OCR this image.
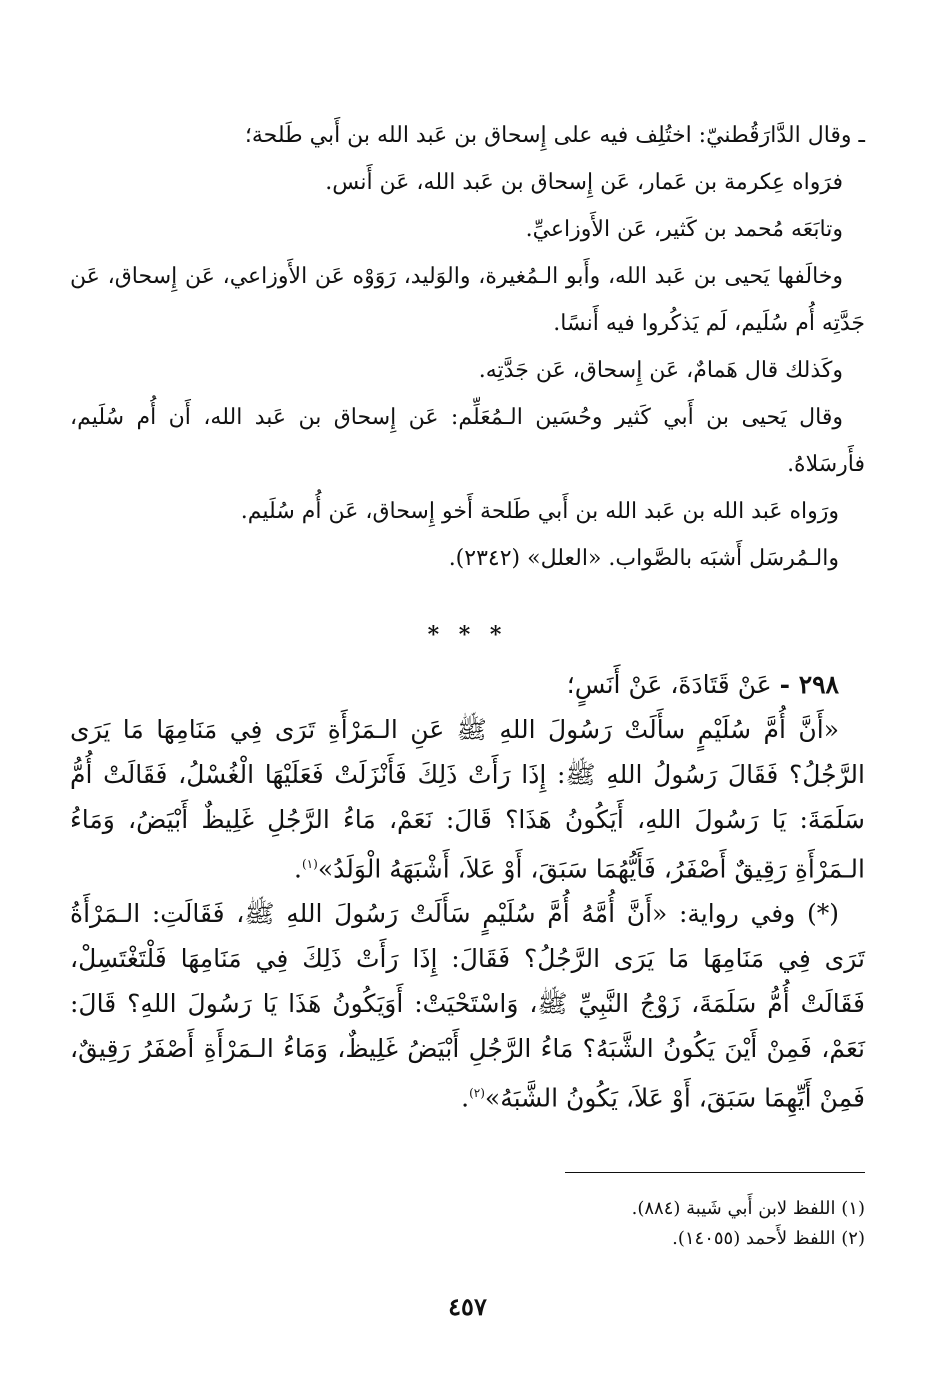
ـ وقال الدَّارَقُطنيّ: اختُلِف فيه على إِسحاق بن عَبد الله بن أَبي طَلحة؛

فرَواه عِكرمة بن عَمار، عَن إِسحاق بن عَبد الله، عَن أَنس.

وتابَعَه مُحمد بن كَثير، عَن الأَوزاعيِّ.

وخالَفها يَحيى بن عَبد الله، وأَبو الـمُغيرة، والوَليد، رَوَوْه عَن الأَوزاعي، عَن إِسحاق، عَن جَدَّتِه أُم سُلَيم، لَم يَذكُروا فيه أَنسًا.

وكَذلك قال هَمامٌ، عَن إِسحاق، عَن جَدَّتِه.

وقال يَحيى بن أَبي كَثير وحُسَين الـمُعَلِّم: عَن إِسحاق بن عَبد الله، أَن أُم سُلَيم، فأَرسَلاهُ.

ورَواه عَبد الله بن عَبد الله بن أَبي طَلحة أَخو إِسحاق، عَن أُم سُلَيم.

والـمُرسَل أَشبَه بالصَّواب. «العلل» (٢٣٤٢).

* * *

٢٩٨ - عَنْ قَتَادَةَ، عَنْ أَنَسٍ؛

«أَنَّ أُمَّ سُلَيْمٍ سأَلَتْ رَسُولَ اللهِ ﷺ عَنِ الـمَرْأَةِ تَرَى فِي مَنَامِهَا مَا يَرَى الرَّجُلُ؟ فَقَالَ رَسُولُ اللهِ ﷺ: إِذَا رَأَتْ ذَلِكَ فَأَنْزَلَتْ فَعَلَيْهَا الْغُسْلُ، فَقَالَتْ أُمُّ سَلَمَةَ: يَا رَسُولَ اللهِ، أَيَكُونُ هَذَا؟ قَالَ: نَعَمْ، مَاءُ الرَّجُلِ غَلِيظٌ أَبْيَضُ، وَمَاءُ الـمَرْأَةِ رَقِيقٌ أَصْفَرُ، فَأَيُّهُمَا سَبَقَ، أَوْ عَلاَ، أَشْبَهَهُ الْوَلَدُ»$^{(١)}$.

(*) وفي رواية: «أَنَّ أُمَّهُ أُمَّ سُلَيْمٍ سَأَلَتْ رَسُولَ اللهِ ﷺ، فَقَالَتِ: الـمَرْأَةُ تَرَى فِي مَنَامِهَا مَا يَرَى الرَّجُلُ؟ فَقَالَ: إِذَا رَأَتْ ذَلِكَ فِي مَنَامِهَا فَلْتَغْتَسِلْ، فَقَالَتْ أُمُّ سَلَمَةَ، زَوْجُ النَّبِيِّ ﷺ، وَاسْتَحْيَتْ: أَوَيَكُونُ هَذَا يَا رَسُولَ اللهِ؟ قَالَ: نَعَمْ، فَمِنْ أَيْنَ يَكُونُ الشَّبَهُ؟ مَاءُ الرَّجُلِ أَبْيَضُ غَلِيظٌ، وَمَاءُ الـمَرْأَةِ أَصْفَرُ رَقِيقٌ، فَمِنْ أَيِّهِمَا سَبَقَ، أَوْ عَلاَ، يَكُونُ الشَّبَهُ»$^{(٢)}$.

(١) اللفظ لابن أَبي شَيبة (٨٨٤).
(٢) اللفظ لأَحمد (١٤٠٥٥).
٤٥٧
